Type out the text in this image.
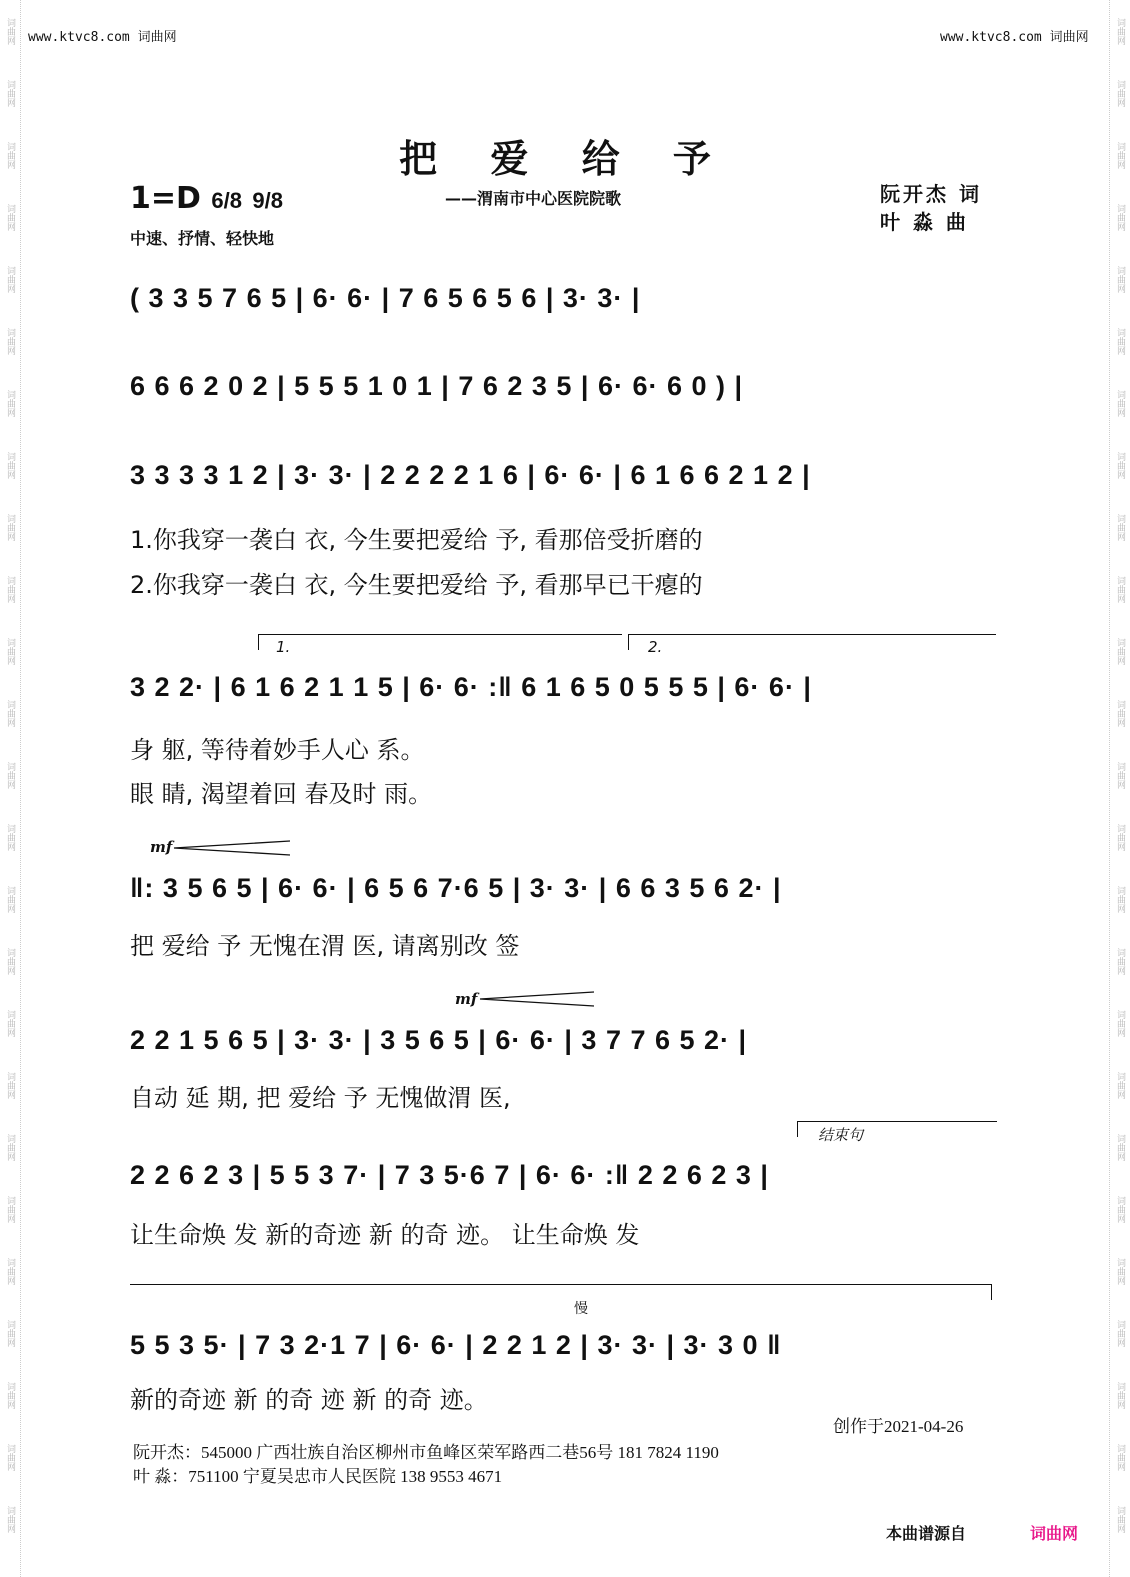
词曲网
词曲网
词曲网
词曲网
词曲网
词曲网
词曲网
词曲网
词曲网
词曲网
词曲网
词曲网
词曲网
词曲网
词曲网
词曲网
词曲网
词曲网
词曲网
词曲网
词曲网
词曲网
词曲网
词曲网
词曲网
词曲网
词曲网
词曲网
词曲网
词曲网
词曲网
词曲网
词曲网
词曲网
词曲网
词曲网
词曲网
词曲网
词曲网
词曲网
词曲网
词曲网
词曲网
词曲网
词曲网
词曲网
词曲网
词曲网
词曲网
词曲网
www.ktvc8.com 词曲网	www.ktvc8.com 词曲网
把 爱 给 予
——渭南市中心医院院歌
1=D 6/8 9/8
中速、抒情、轻快地
阮开杰 词
叶 淼 曲
( 3 3 5 7 6 5 | 6· 6· | 7 6 5 6 5 6 | 3· 3· |
6 6 6 2 0 2 | 5 5 5 1 0 1 | 7 6 2 3 5 | 6· 6· 6 0 ) |
3 3 3 3 1 2 | 3· 3· | 2 2 2 2 1 6 | 6· 6· | 6 1 6 6 2 1 2 |
1.你我穿一袭白 衣, 今生要把爱给 予, 看那倍受折磨的
2.你我穿一袭白 衣, 今生要把爱给 予, 看那早已干瘪的
1.	2.
3 2 2· | 6 1 6 2 1 1 5 | 6· 6· :‖ 6 1 6 5 0 5 5 5 | 6· 6· |
身 躯, 等待着妙手人心 系。
眼 睛, 渴望着回 春及时 雨。
mf
‖: 3 5 6 5 | 6· 6· | 6 5 6 7·6 5 | 3· 3· | 6 6 3 5 6 2· |
把 爱给 予 无愧在渭 医, 请离别改 签
mf
2 2 1 5 6 5 | 3· 3· | 3 5 6 5 | 6· 6· | 3 7 7 6 5 2· |
自动 延 期, 把 爱给 予 无愧做渭 医,
结束句
2 2 6 2 3 | 5 5 3 7· | 7 3 5·6 7 | 6· 6· :‖ 2 2 6 2 3 |
让生命焕 发 新的奇迹 新 的奇 迹。 让生命焕 发
慢
5 5 3 5· | 7 3 2·1 7 | 6· 6· | 2 2 1 2 | 3· 3· | 3· 3 0 ‖
新的奇迹 新 的奇 迹 新 的奇 迹。
创作于2021-04-26
阮开杰：545000 广西壮族自治区柳州市鱼峰区荣军路西二巷56号 181 7824 1190
叶 淼：751100 宁夏吴忠市人民医院 138 9553 4671
本曲谱源自	词曲网
